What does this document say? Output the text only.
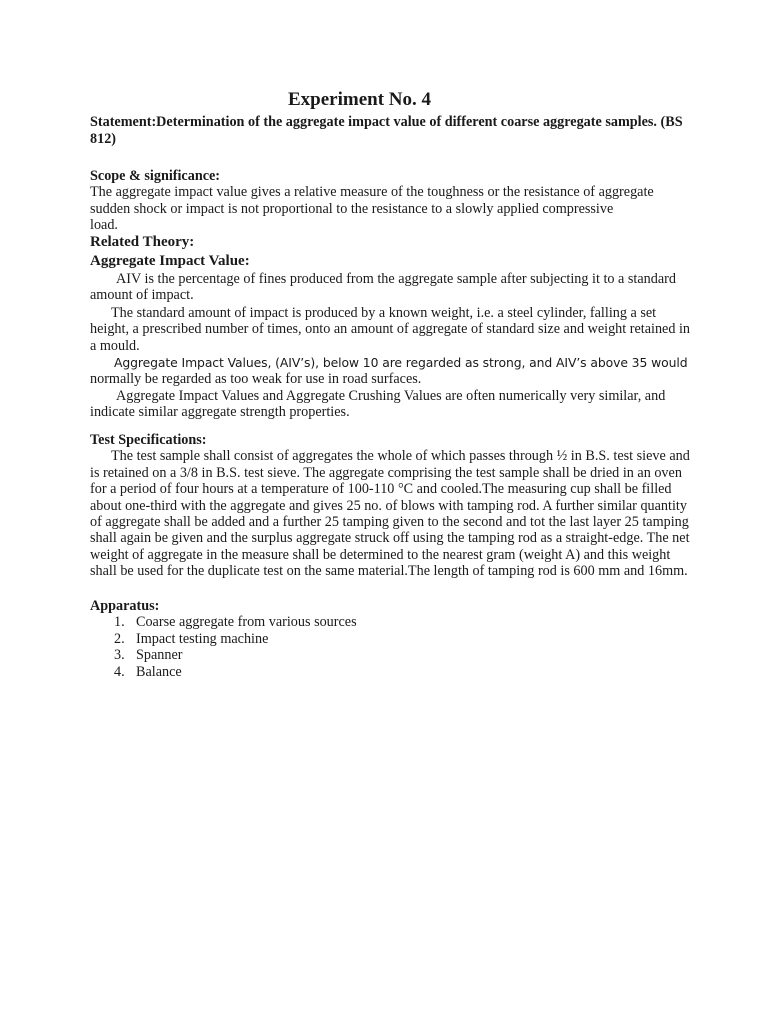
Experiment No. 4
Statement:Determination of the aggregate impact value of different coarse aggregate samples. (BS 812)

Scope & significance:

The aggregate impact value gives a relative measure of the toughness or the resistance of aggregate

sudden shock or impact is not proportional to the resistance to a slowly applied compressive

load.

Related Theory:

Aggregate Impact Value:

AIV is the percentage of fines produced from the aggregate sample after subjecting it to a standard amount of impact.

The standard amount of impact is produced by a known weight, i.e. a steel cylinder, falling a set height, a prescribed number of times, onto an amount of aggregate of standard size and weight retained in a mould.

Aggregate Impact Values, (AIV’s), below 10 are regarded as strong, and AIV’s above 35 would
normally be regarded as too weak for use in road surfaces.

Aggregate Impact Values and Aggregate Crushing Values are often numerically very similar, and indicate similar aggregate strength properties.

Test Specifications:

The test sample shall consist of aggregates the whole of which passes through ½ in B.S. test sieve and

is retained on a 3/8 in B.S. test sieve. The aggregate comprising the test sample shall be dried in an oven

for a period of four hours at a temperature of 100-110 °C and cooled.The measuring cup shall be filled

about one-third with the aggregate and gives 25 no. of blows with tamping rod. A further similar quantity

of aggregate shall be added and a further 25 tamping given to the second and tot the last layer 25 tamping

shall again be given and the surplus aggregate struck off using the tamping rod as a straight-edge. The net

weight of aggregate in the measure shall be determined to the nearest gram (weight A) and this weight

shall be used for the duplicate test on the same material.The length of tamping rod is 600 mm and 16mm.

Apparatus:

1. Coarse aggregate from various sources
2. Impact testing machine
3. Spanner
4. Balance
